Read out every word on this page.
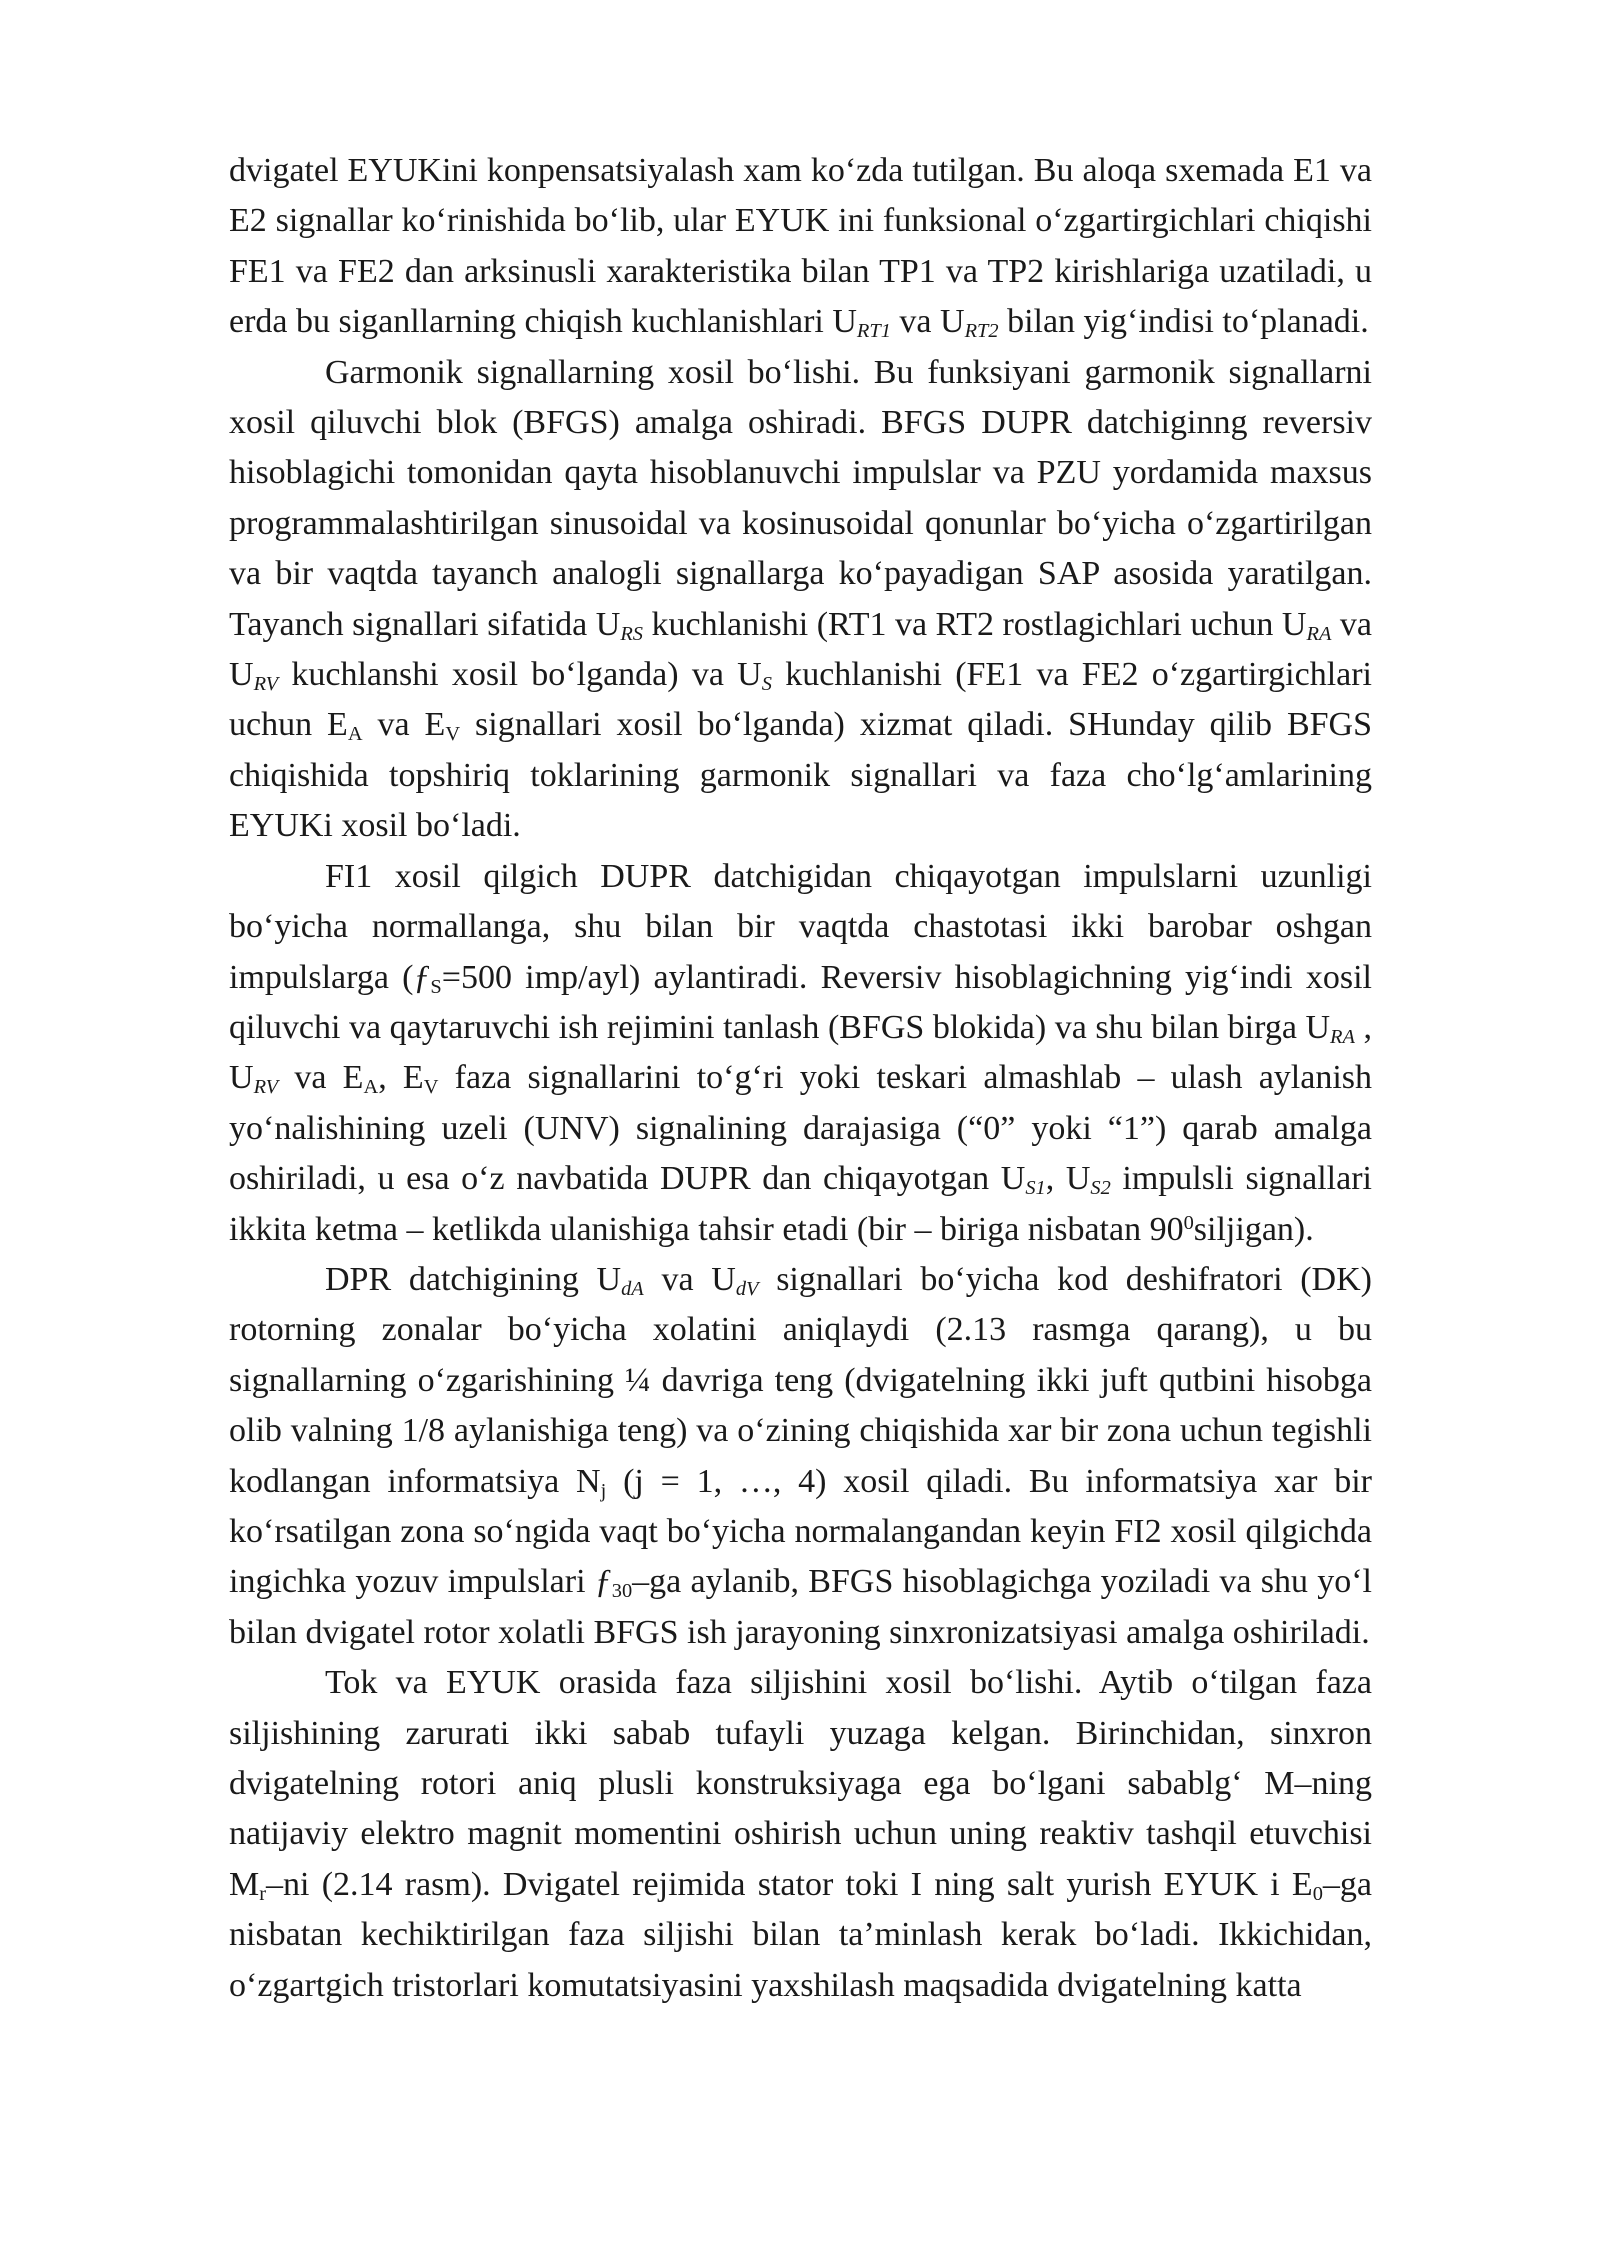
dvigatel EYUKini konpensatsiyalash xam ko‘zda tutilgan. Bu aloqa sxemada E1 va E2 signallar ko‘rinishida bo‘lib, ular EYUK ini funksional o‘zgartirgichlari chiqishi FE1 va FE2 dan arksinusli xarakteristika bilan TP1 va TP2 kirishlariga uzatiladi, u erda bu siganllarning chiqish kuchlanishlari $U_{RT1}$ va $U_{RT2}$ bilan yig‘indisi to‘planadi.

Garmonik signallarning xosil bo‘lishi. Bu funksiyani garmonik signallarni xosil qiluvchi blok (BFGS) amalga oshiradi. BFGS DUPR datchiginng reversiv hisoblagichi tomonidan qayta hisoblanuvchi impulslar va PZU yordamida maxsus programmalashtirilgan sinusoidal va kosinusoidal qonunlar bo‘yicha o‘zgartirilgan va bir vaqtda tayanch analogli signallarga ko‘payadigan SAP asosida yaratilgan. Tayanch signallari sifatida $U_{RS}$ kuchlanishi (RT1 va RT2 rostlagichlari uchun $U_{RA}$ va $U_{RV}$ kuchlanshi xosil bo‘lganda) va $U_S$ kuchlanishi (FE1 va FE2 o‘zgartirgichlari uchun $E_A$ va $E_V$ signallari xosil bo‘lganda) xizmat qiladi. SHunday qilib BFGS chiqishida topshiriq toklarining garmonik signallari va faza cho‘lg‘amlarining EYUKi xosil bo‘ladi.

FI1 xosil qilgich DUPR datchigidan chiqayotgan impulslarni uzunligi bo‘yicha normallanga, shu bilan bir vaqtda chastotasi ikki barobar oshgan impulslarga ($ƒ_S=500$ imp/ayl) aylantiradi. Reversiv hisoblagichning yig‘indi xosil qiluvchi va qaytaruvchi ish rejimini tanlash (BFGS blokida) va shu bilan birga $U_{RA}$ , $U_{RV}$ va $E_A$, $E_V$ faza signallarini to‘g‘ri yoki teskari almashlab – ulash aylanish yo‘nalishining uzeli (UNV) signalining darajasiga (“0” yoki “1”) qarab amalga oshiriladi, u esa o‘z navbatida DUPR dan chiqayotgan $U_{S1}$, $U_{S2}$ impulsli signallari ikkita ketma – ketlikda ulanishiga tahsir etadi (bir – biriga nisbatan $90^0siljigan$).

DPR datchigining $U_{dA}$ va $U_{dV}$ signallari bo‘yicha kod deshifratori (DK) rotorning zonalar bo‘yicha xolatini aniqlaydi (2.13 rasmga qarang), u bu signallarning o‘zgarishining ¼ davriga teng (dvigatelning ikki juft qutbini hisobga olib valning 1/8 aylanishiga teng) va o‘zining chiqishida xar bir zona uchun tegishli kodlangan informatsiya $N_j$ (j = 1, …, 4) xosil qiladi. Bu informatsiya xar bir ko‘rsatilgan zona so‘ngida vaqt bo‘yicha normalangandan keyin FI2 xosil qilgichda ingichka yozuv impulslari $ƒ_{30}-ga$ aylanib, BFGS hisoblagichga yoziladi va shu yo‘l bilan dvigatel rotor xolatli BFGS ish jarayoning sinxronizatsiyasi amalga oshiriladi.

Tok va EYUK orasida faza siljishini xosil bo‘lishi. Aytib o‘tilgan faza siljishining zarurati ikki sabab tufayli yuzaga kelgan. Birinchidan, sinxron dvigatelning rotori aniq plusli konstruksiyaga ega bo‘lgani sabablg‘ M–ning natijaviy elektro magnit momentini oshirish uchun uning reaktiv tashqil etuvchisi $M_r-ni$ (2.14 rasm). Dvigatel rejimida stator toki I ning salt yurish EYUK i $E_0-ga$ nisbatan kechiktirilgan faza siljishi bilan ta’minlash kerak bo‘ladi. Ikkichidan, o‘zgartgich tristorlari komutatsiyasini yaxshilash maqsadida dvigatelning katta
